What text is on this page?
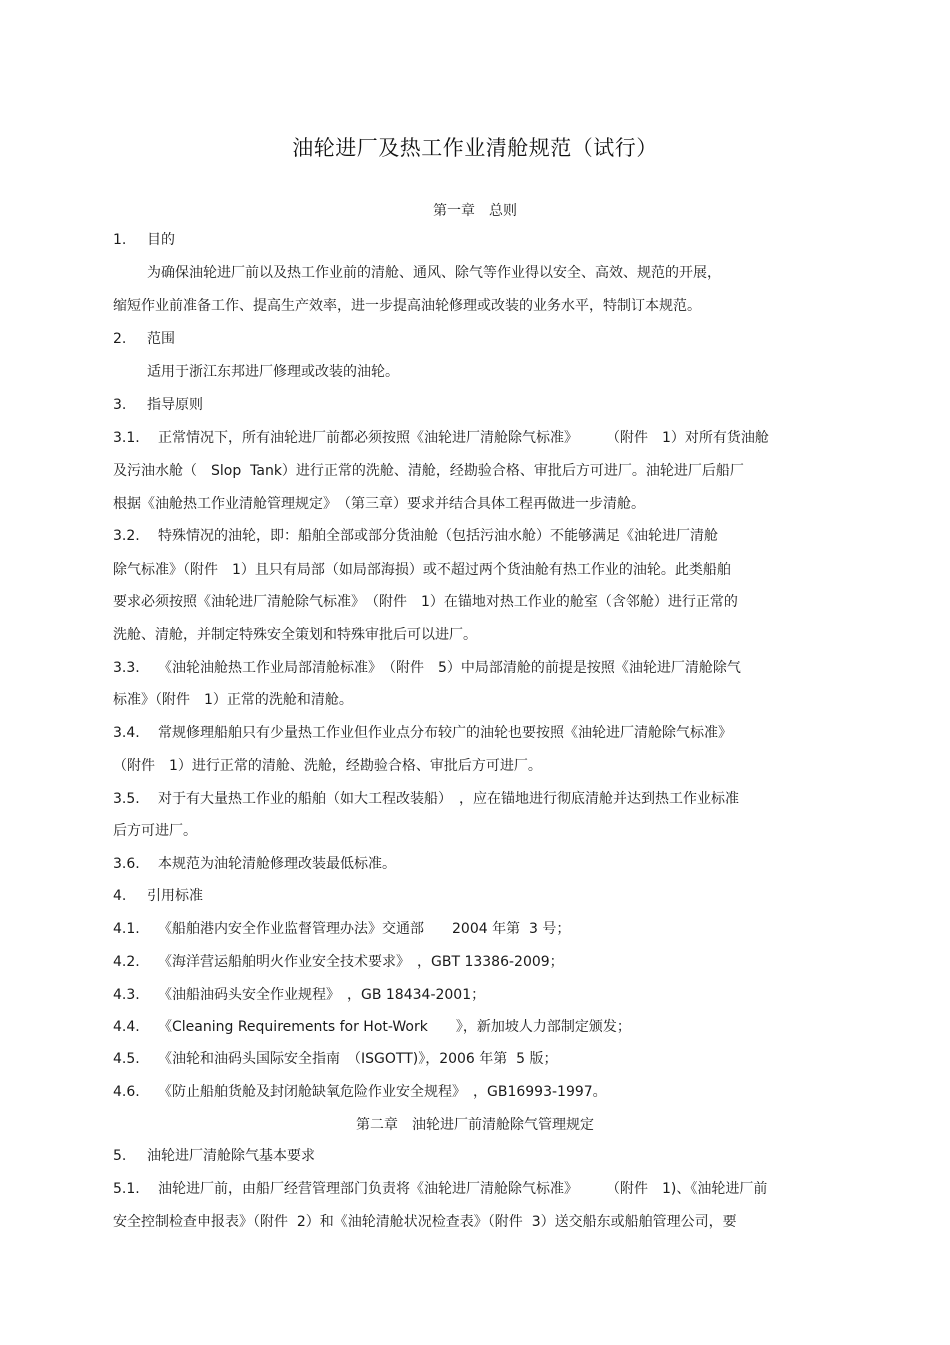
油轮进厂及热工作业清舱规范（试行）
第一章　总则
1. 目的
为确保油轮进厂前以及热工作业前的清舱、通风、除气等作业得以安全、高效、规范的开展，
缩短作业前准备工作、提高生产效率，进一步提高油轮修理或改装的业务水平，特制订本规范。
2. 范围
适用于浙江东邦进厂修理或改装的油轮。
3. 指导原则
3.1. 正常情况下，所有油轮进厂前都必须按照《油轮进厂清舱除气标准》　　　（附件　1）对所有货油舱
及污油水舱（　Slop  Tank）进行正常的洗舱、清舱，经勘验合格、审批后方可进厂。油轮进厂后船厂
根据《油舱热工作业清舱管理规定》　（第三章）要求并结合具体工程再做进一步清舱。
3.2. 特殊情况的油轮，即：船舶全部或部分货油舱（包括污油水舱）不能够满足《油轮进厂清舱
除气标准》（附件　1）且只有局部（如局部海损）或不超过两个货油舱有热工作业的油轮。此类船舶
要求必须按照《油轮进厂清舱除气标准》　（附件　1）在锚地对热工作业的舱室（含邻舱）进行正常的
洗舱、清舱，并制定特殊安全策划和特殊审批后可以进厂。
3.3. 《油轮油舱热工作业局部清舱标准》　（附件　5）中局部清舱的前提是按照《油轮进厂清舱除气
标准》（附件　1）正常的洗舱和清舱。
3.4. 常规修理船舶只有少量热工作业但作业点分布较广的油轮也要按照《油轮进厂清舱除气标准》
（附件　1）进行正常的清舱、洗舱，经勘验合格、审批后方可进厂。
3.5. 对于有大量热工作业的船舶（如大工程改装船）　，应在锚地进行彻底清舱并达到热工作业标准
后方可进厂。
3.6. 本规范为油轮清舱修理改装最低标准。
4. 引用标准
4.1. 《船舶港内安全作业监督管理办法》交通部　　2004 年第  3 号；
4.2. 《海洋营运船舶明火作业安全技术要求》　，GBT 13386-2009；
4.3. 《油船油码头安全作业规程》　，GB 18434-2001；
4.4. 《Cleaning Requirements for Hot-Work　　》，新加坡人力部制定颁发；
4.5. 《油轮和油码头国际安全指南　（ISGOTT)》，2006 年第  5 版；
4.6. 《防止船舶货舱及封闭舱缺氧危险作业安全规程》　，GB16993-1997。
第二章　油轮进厂前清舱除气管理规定
5. 油轮进厂清舱除气基本要求
5.1. 油轮进厂前，由船厂经营管理部门负责将《油轮进厂清舱除气标准》　　　（附件　1)、《油轮进厂前
安全控制检查申报表》（附件  2）和《油轮清舱状况检查表》（附件  3）送交船东或船舶管理公司，要
